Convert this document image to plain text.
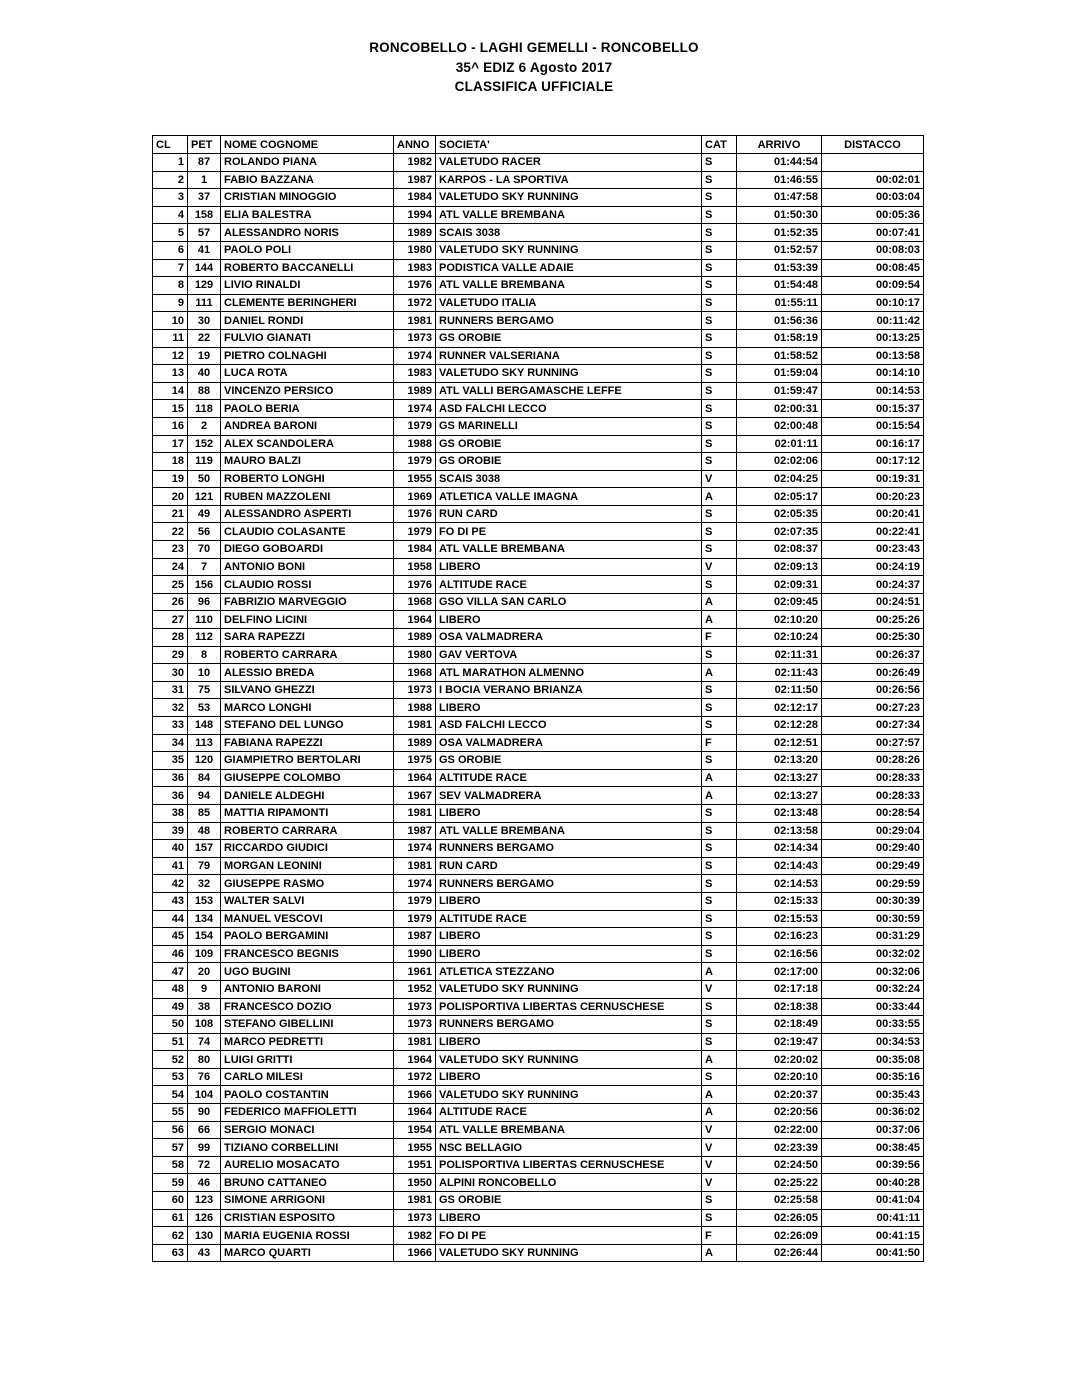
RONCOBELLO - LAGHI GEMELLI - RONCOBELLO
35^ EDIZ 6 Agosto 2017
CLASSIFICA UFFICIALE
CL	PET	NOME COGNOME	ANNO	SOCIETA'	CAT	ARRIVO	DISTACCO
1	87	ROLANDO PIANA	1982	VALETUDO RACER	S	01:44:54	
2	1	FABIO BAZZANA	1987	KARPOS - LA SPORTIVA	S	01:46:55	00:02:01
3	37	CRISTIAN MINOGGIO	1984	VALETUDO SKY RUNNING	S	01:47:58	00:03:04
4	158	ELIA BALESTRA	1994	ATL VALLE BREMBANA	S	01:50:30	00:05:36
5	57	ALESSANDRO NORIS	1989	SCAIS 3038	S	01:52:35	00:07:41
6	41	PAOLO POLI	1980	VALETUDO SKY RUNNING	S	01:52:57	00:08:03
7	144	ROBERTO BACCANELLI	1983	PODISTICA VALLE ADAIE	S	01:53:39	00:08:45
8	129	LIVIO RINALDI	1976	ATL VALLE BREMBANA	S	01:54:48	00:09:54
9	111	CLEMENTE BERINGHERI	1972	VALETUDO ITALIA	S	01:55:11	00:10:17
10	30	DANIEL RONDI	1981	RUNNERS BERGAMO	S	01:56:36	00:11:42
11	22	FULVIO GIANATI	1973	GS OROBIE	S	01:58:19	00:13:25
12	19	PIETRO COLNAGHI	1974	RUNNER VALSERIANA	S	01:58:52	00:13:58
13	40	LUCA ROTA	1983	VALETUDO SKY RUNNING	S	01:59:04	00:14:10
14	88	VINCENZO PERSICO	1989	ATL VALLI BERGAMASCHE LEFFE	S	01:59:47	00:14:53
15	118	PAOLO BERIA	1974	ASD FALCHI LECCO	S	02:00:31	00:15:37
16	2	ANDREA BARONI	1979	GS MARINELLI	S	02:00:48	00:15:54
17	152	ALEX SCANDOLERA	1988	GS OROBIE	S	02:01:11	00:16:17
18	119	MAURO BALZI	1979	GS OROBIE	S	02:02:06	00:17:12
19	50	ROBERTO LONGHI	1955	SCAIS 3038	V	02:04:25	00:19:31
20	121	RUBEN MAZZOLENI	1969	ATLETICA VALLE IMAGNA	A	02:05:17	00:20:23
21	49	ALESSANDRO ASPERTI	1976	RUN CARD	S	02:05:35	00:20:41
22	56	CLAUDIO COLASANTE	1979	FO DI PE	S	02:07:35	00:22:41
23	70	DIEGO GOBOARDI	1984	ATL VALLE BREMBANA	S	02:08:37	00:23:43
24	7	ANTONIO BONI	1958	LIBERO	V	02:09:13	00:24:19
25	156	CLAUDIO ROSSI	1976	ALTITUDE RACE	S	02:09:31	00:24:37
26	96	FABRIZIO MARVEGGIO	1968	GSO VILLA SAN CARLO	A	02:09:45	00:24:51
27	110	DELFINO LICINI	1964	LIBERO	A	02:10:20	00:25:26
28	112	SARA RAPEZZI	1989	OSA VALMADRERA	F	02:10:24	00:25:30
29	8	ROBERTO CARRARA	1980	GAV VERTOVA	S	02:11:31	00:26:37
30	10	ALESSIO BREDA	1968	ATL MARATHON ALMENNO	A	02:11:43	00:26:49
31	75	SILVANO GHEZZI	1973	I BOCIA VERANO BRIANZA	S	02:11:50	00:26:56
32	53	MARCO LONGHI	1988	LIBERO	S	02:12:17	00:27:23
33	148	STEFANO DEL LUNGO	1981	ASD FALCHI LECCO	S	02:12:28	00:27:34
34	113	FABIANA RAPEZZI	1989	OSA VALMADRERA	F	02:12:51	00:27:57
35	120	GIAMPIETRO BERTOLARI	1975	GS OROBIE	S	02:13:20	00:28:26
36	84	GIUSEPPE COLOMBO	1964	ALTITUDE RACE	A	02:13:27	00:28:33
36	94	DANIELE ALDEGHI	1967	SEV VALMADRERA	A	02:13:27	00:28:33
38	85	MATTIA RIPAMONTI	1981	LIBERO	S	02:13:48	00:28:54
39	48	ROBERTO CARRARA	1987	ATL VALLE BREMBANA	S	02:13:58	00:29:04
40	157	RICCARDO GIUDICI	1974	RUNNERS BERGAMO	S	02:14:34	00:29:40
41	79	MORGAN LEONINI	1981	RUN CARD	S	02:14:43	00:29:49
42	32	GIUSEPPE RASMO	1974	RUNNERS BERGAMO	S	02:14:53	00:29:59
43	153	WALTER SALVI	1979	LIBERO	S	02:15:33	00:30:39
44	134	MANUEL VESCOVI	1979	ALTITUDE RACE	S	02:15:53	00:30:59
45	154	PAOLO BERGAMINI	1987	LIBERO	S	02:16:23	00:31:29
46	109	FRANCESCO BEGNIS	1990	LIBERO	S	02:16:56	00:32:02
47	20	UGO BUGINI	1961	ATLETICA STEZZANO	A	02:17:00	00:32:06
48	9	ANTONIO BARONI	1952	VALETUDO SKY RUNNING	V	02:17:18	00:32:24
49	38	FRANCESCO DOZIO	1973	POLISPORTIVA LIBERTAS CERNUSCHESE	S	02:18:38	00:33:44
50	108	STEFANO GIBELLINI	1973	RUNNERS BERGAMO	S	02:18:49	00:33:55
51	74	MARCO PEDRETTI	1981	LIBERO	S	02:19:47	00:34:53
52	80	LUIGI GRITTI	1964	VALETUDO SKY RUNNING	A	02:20:02	00:35:08
53	76	CARLO MILESI	1972	LIBERO	S	02:20:10	00:35:16
54	104	PAOLO COSTANTIN	1966	VALETUDO SKY RUNNING	A	02:20:37	00:35:43
55	90	FEDERICO MAFFIOLETTI	1964	ALTITUDE RACE	A	02:20:56	00:36:02
56	66	SERGIO MONACI	1954	ATL VALLE BREMBANA	V	02:22:00	00:37:06
57	99	TIZIANO CORBELLINI	1955	NSC BELLAGIO	V	02:23:39	00:38:45
58	72	AURELIO MOSACATO	1951	POLISPORTIVA LIBERTAS CERNUSCHESE	V	02:24:50	00:39:56
59	46	BRUNO CATTANEO	1950	ALPINI RONCOBELLO	V	02:25:22	00:40:28
60	123	SIMONE ARRIGONI	1981	GS OROBIE	S	02:25:58	00:41:04
61	126	CRISTIAN ESPOSITO	1973	LIBERO	S	02:26:05	00:41:11
62	130	MARIA EUGENIA ROSSI	1982	FO DI PE	F	02:26:09	00:41:15
63	43	MARCO QUARTI	1966	VALETUDO SKY RUNNING	A	02:26:44	00:41:50
